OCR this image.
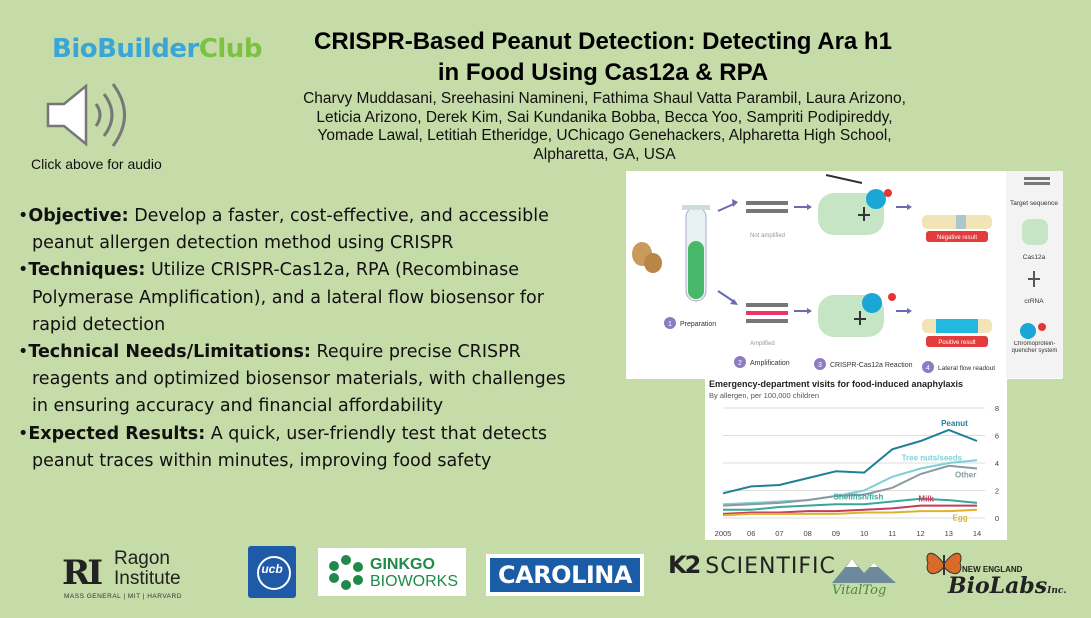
BioBuilderClub
Click above for audio
CRISPR-Based Peanut Detection: Detecting Ara h1
in Food Using Cas12a & RPA
Charvy Muddasani, Sreehasini Namineni, Fathima Shaul Vatta Parambil, Laura Arizono,
Leticia Arizono, Derek Kim, Sai Kundanika Bobba, Becca Yoo, Sampriti Podipireddy,
Yomade Lawal, Letitiah Etheridge, UChicago Genehackers, Alpharetta High School,
Alpharetta, GA, USA
•Objective: Develop a faster, cost-effective, and accessible
peanut allergen detection method using CRISPR
•Techniques: Utilize CRISPR-Cas12a, RPA (Recombinase
Polymerase Amplification), and a lateral flow biosensor for
rapid detection
•Technical Needs/Limitations: Require precise CRISPR
reagents and optimized biosensor materials, with challenges
in ensuring accuracy and financial affordability
•Expected Results: A quick, user-friendly test that detects
peanut traces within minutes, improving food safety
Not amplified	Negative result
Amplified	Positive result
1 Preparation
2 Amplification	3 CRISPR-Cas12a Reaction 4 Lateral flow readout
Target sequence
Cas12a
crRNA
Chromoprotein-quencher system
Emergency-department visits for food-induced anaphylaxis
By allergen, per 100,000 children
0
2
4
6
8
2005 06	07	08	09	10	11	12	13	14
Peanut
Tree nuts/seeds
Other
Shellfish/fish	Milk
Egg
RI Ragon
Institute
MASS GENERAL | MIT | HARVARD
ucb	GINKGO
BIOWORKS	CAROLINA	K2 SCIENTIFIC
VitalTog
NEW ENGLAND
BioLabsInc.
